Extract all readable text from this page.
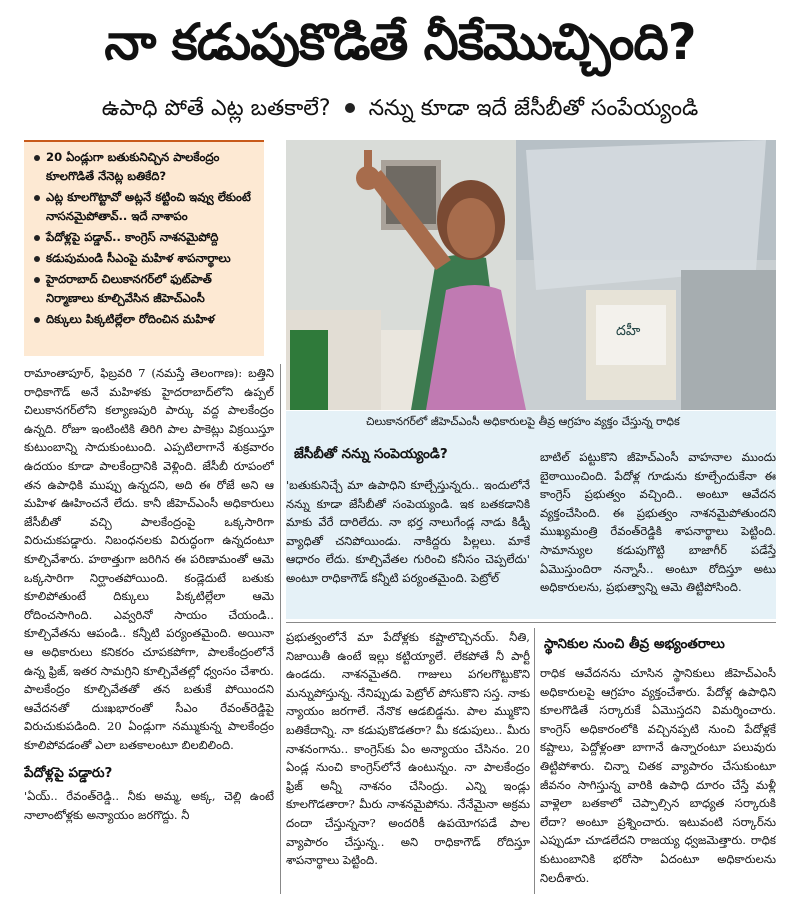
నా కడుపుకొడితే నీకేమొచ్చింది?
ఉపాధి పోతే ఎట్ల బతకాలే? నన్ను కూడా ఇదే జేసీబీతో సంపేయ్యండి
20 ఏండ్లుగా బతుకునిచ్చిన పాలకేంద్రం కూలగొడితే నేనెట్ల బతికేది?
ఎట్ల కూలగొట్టావో అట్లనే కట్టించి ఇవ్వు లేకుంటే నాసనమైపోతావ్‌.. ఇదే నాశాపం
పేదోళ్లపై పడ్డావ్‌.. కాంగ్రెస్‌ నాశనమైపోద్ది
కడుపుమండి సీఎంపై మహిళ శాపనార్థాలు
హైదరాబాద్‌ చిలుకానగర్‌లో ఫుట్‌పాత్‌ నిర్మాణాలు కూల్చివేసిన జీహెచ్‌ఎంసీ
దిక్కులు పిక్కటిల్లేలా రోదించిన మహిళ
దహీ
చిలుకానగర్‌లో జీహెచ్‌ఎంసీ అధికారులపై తీవ్ర ఆగ్రహం వ్యక్తం చేస్తున్న రాధిక
జేసీబీతో నన్ను సంపెయ్యండి?

రామాంతాపూర్‌, ఫిబ్రవరి 7 (నమస్తే తెలంగాణ): బత్తిని రాధికాగౌడ్‌ అనే మహిళకు హైదరాబాద్‌లోని ఉప్పల్‌ చిలుకానగర్‌లోని కల్యాణపురి పార్కు వద్ద పాలకేంద్రం ఉన్నది. రోజూ ఇంటింటికి తిరిగి పాల పాకెట్లు విక్రయిస్తూ కుటుంబాన్ని సాదుకుంటుంది. ఎప్పటిలాగానే శుక్రవారం ఉదయం కూడా పాలకేంద్రానికి వెళ్లింది. జేసీబీ రూపంలో తన ఉపాధికి ముప్పు ఉన్నదని, అది ఈ రోజే అని ఆ మహిళ ఊహించనే లేదు. కానీ జీహెచ్‌ఎంసీ అధికారులు జేసీబీతో వచ్చి పాలకేంద్రంపై ఒక్కసారిగా విరుచుకపడ్డారు. నిబంధనలకు విరుద్ధంగా ఉన్నదంటూ కూల్చివేశారు. హఠాత్తుగా జరిగిన ఈ పరిణామంతో ఆమె ఒక్కసారిగా నిర్ఘాంతపోయింది. కండ్లెదుటే బతుకు కూలిపోతుంటే దిక్కులు పిక్కటిల్లేలా ఆమె రోదించసాగింది. ఎవ్వరినో సాయం చేయండి.. కూల్చివేతను ఆపండి.. కన్నీటి పర్యంతమైంది. అయినా ఆ అధికారులు కనికరం చూపకపోగా, పాలకేంద్రంలోనే ఉన్న ఫ్రిజ్‌, ఇతర సామగ్రిని కూల్చివేతల్లో ధ్వంసం చేశారు. పాలకేంద్రం కూల్చివేతతో తన బతుకే పోయిందని ఆవేదనతో దుఃఖభారంతో సీఎం రేవంత్‌రెడ్డిపై విరుచుకుపడింది. 20 ఏండ్లుగా నమ్ముకున్న పాలకేంద్రం కూలిపోవడంతో ఎలా బతకాలంటూ బిలబిలింది.

పేదోళ్లపై పడ్డారు?

'ఏయ్‌.. రేవంత్‌రెడ్డి.. నీకు అమ్మ, అక్క, చెల్లి ఉంటే నాలాంటోళ్లకు అన్యాయం జరగొద్దు. నీ

'బతుకునిచ్చే మా ఉపాధిని కూల్చేస్తున్నరు.. ఇందులోనే నన్ను కూడా జేసీబీతో సంపెయ్యండి. ఇక బతకడానికి మాకు వేరే దారిలేదు. నా భర్త నాలుగేండ్ల నాడు కిడ్నీ వ్యాధితో చనిపోయిండు. నాకిద్దరు పిల్లలు. మాకే ఆధారం లేదు. కూల్చివేతల గురించి కనీసం చెప్పలేదు' అంటూ రాధికాగౌడ్‌ కన్నీటి పర్యంతమైంది. పెట్రోల్‌

బాటిల్‌ పట్టుకొని జీహెచ్‌ఎంసీ వాహనాల ముందు బైఠాయించింది. పేదోళ్ల గూడును కూల్చేందుకేనా ఈ కాంగ్రెస్‌ ప్రభుత్వం వచ్చింది.. అంటూ ఆవేదన వ్యక్తంచేసింది. ఈ ప్రభుత్వం నాశనమైపోతుందని ముఖ్యమంత్రి రేవంత్‌రెడ్డికి శాపనార్థాలు పెట్టింది. సామాన్యుల కడుపుగొట్టి బాజాగీర్‌ పడేస్తే ఏమొస్తుందిరా నన్నాసీ.. అంటూ రోదిస్తూ అటు అధికారులను, ప్రభుత్వాన్ని ఆమె తిట్టిపోసింది.

ప్రభుత్వంలోనే మా పేదోళ్లకు కష్టాలొచ్చినయ్‌. నీతి, నిజాయితీ ఉంటే ఇల్లు కట్టియ్యాలే. లేకపోతే నీ పార్టీ ఉండదు. నాశనమైతది. గాజులు పగలగొట్టుకొని మన్నుపోస్తున్న. నేనిప్పుడు పెట్రోల్‌ పోసుకొని సస్త. నాకు న్యాయం జరగాలే. నేనొక ఆడబిడ్డను. పాల మ్ముకొని బతికేదాన్ని. నా కడుపుకొడతరా? మీ కడుపులు.. మీరు నాశనంగాను.. కాంగ్రెస్‌కు ఏం అన్యాయం చేసినం. 20 ఏండ్ల నుంచి కాంగ్రెస్‌లోనే ఉంటున్నం. నా పాలకేంద్రం ఫ్రిజ్‌ అన్నీ నాశనం చేసింద్రు. ఎన్ని ఇండ్లు కూలగొడతారా? మీరు నాశనమైపోను. నేనేమైనా అక్రమ దందా చేస్తున్ననా? అందరికీ ఉపయోగపడే పాల వ్యాపారం చేస్తున్న.. అని రాధికాగౌడ్‌ రోదిస్తూ శాపనార్థాలు పెట్టింది.

స్థానికుల నుంచి తీవ్ర అభ్యంతరాలు

రాధిక ఆవేదనను చూసిన స్థానికులు జీహెచ్‌ఎంసీ అధికారులపై ఆగ్రహం వ్యక్తంచేశారు. పేదోళ్ల ఉపాధిని కూలగొడితే సర్కారుకే ఏమొస్తదని విమర్శించారు. కాంగ్రెస్‌ అధికారంలోకి వచ్చినప్పటి నుంచి పేదోళ్లకే కష్టాలు, పెద్దోళ్లంతా బాగానే ఉన్నారంటూ పలువురు తిట్టిపోశారు. చిన్నా చితక వ్యాపారం చేసుకుంటూ జీవనం సాగిస్తున్న వారికి ఉపాధి దూరం చేస్తే మళ్లీ వాళ్లెలా బతకాలో చెప్పాల్సిన బాధ్యత సర్కారుకి లేదా? అంటూ ప్రశ్నించారు. ఇటువంటి సర్కార్‌ను ఎప్పుడూ చూడలేదని రాజయ్య ధ్వజమెత్తారు. రాధిక కుటుంబానికి భరోసా ఏదంటూ అధికారులను నిలదీశారు.
